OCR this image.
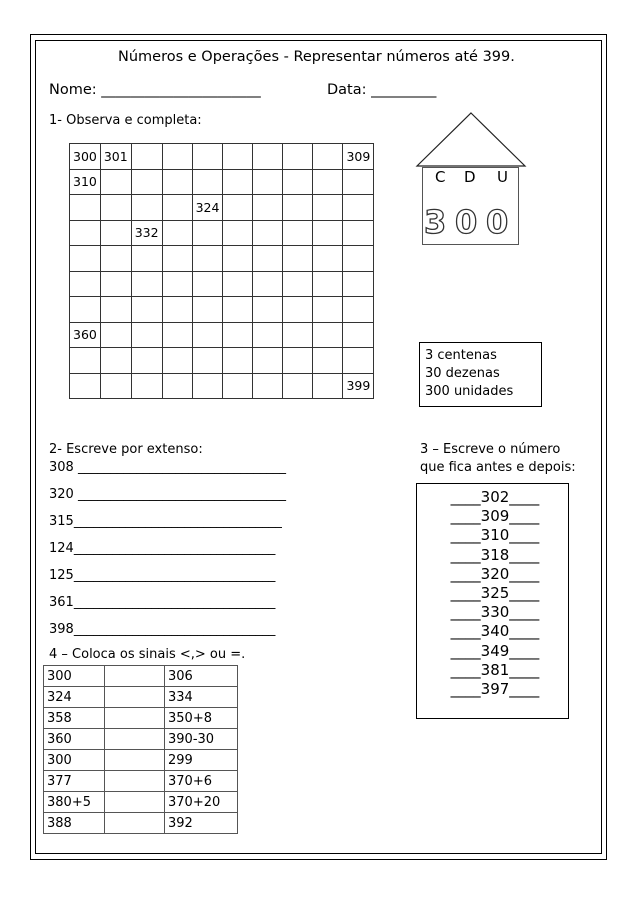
Números e Operações - Representar números até 399.
Nome: ______________________	Data: _________
1- Observa e completa:
300	301								309
310									
				324					
		332							

360									

									399
C D U
3 0 0
3 centenas
30 dezenas
300 unidades
2- Escreve por extenso:
308 ________________________________
320 ________________________________
315________________________________
124_______________________________
125_______________________________
361_______________________________
398_______________________________
3 – Escreve o número
que fica antes e depois:
____302____
____309____
____310____
____318____
____320____
____325____
____330____
____340____
____349____
____381____
____397____
4 – Coloca os sinais <,> ou =.
300		306
324		334
358		350+8
360		390-30
300		299
377		370+6
380+5		370+20
388		392
